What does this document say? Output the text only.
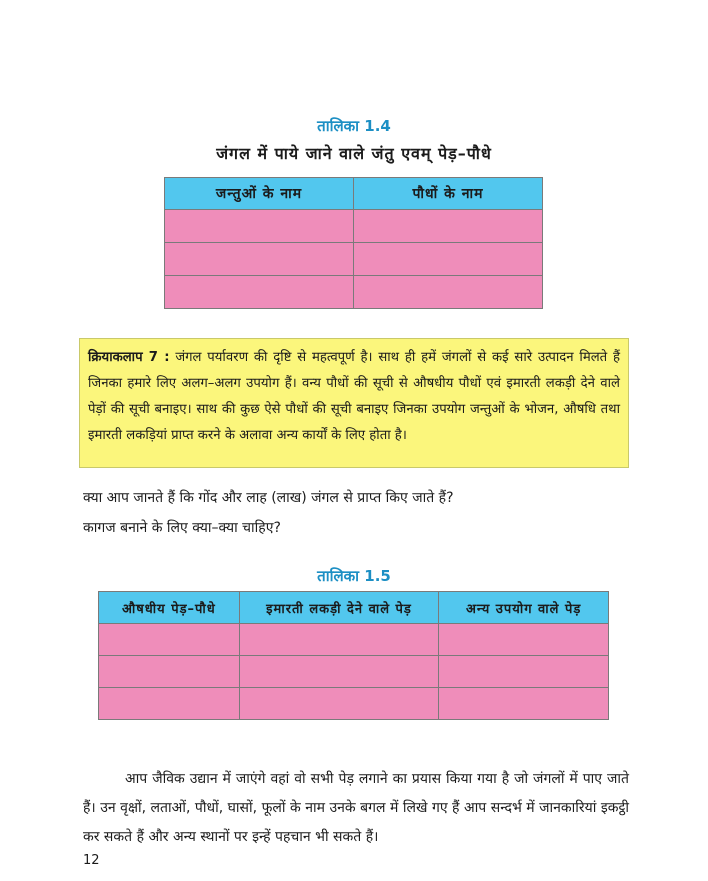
तालिका 1.4
जंगल में पाये जाने वाले जंतु एवम् पेड़–पौधे
जन्तुओं के नाम	पौधों के नाम

क्रियाकलाप 7 : जंगल पर्यावरण की दृष्टि से महत्वपूर्ण है। साथ ही हमें जंगलों से कई सारे उत्पादन मिलते हैं जिनका हमारे लिए अलग–अलग उपयोग हैं। वन्य पौधों की सूची से औषधीय पौधों एवं इमारती लकड़ी देने वाले पेड़ों की सूची बनाइए। साथ की कुछ ऐसे पौधों की सूची बनाइए जिनका उपयोग जन्तुओं के भोजन, औषधि तथा इमारती लकड़ियां प्राप्त करने के अलावा अन्य कार्यों के लिए होता है।
क्या आप जानते हैं कि गोंद और लाह (लाख) जंगल से प्राप्त किए जाते हैं?
कागज बनाने के लिए क्या–क्या चाहिए?
तालिका 1.5
औषधीय पेड़–पौधे	इमारती लकड़ी देने वाले पेड़	अन्य उपयोग वाले पेड़

आप जैविक उद्यान में जाएंगे वहां वो सभी पेड़ लगाने का प्रयास किया गया है जो जंगलों में पाए जाते हैं। उन वृक्षों, लताओं, पौधों, घासों, फूलों के नाम उनके बगल में लिखे गए हैं आप सन्दर्भ में जानकारियां इकट्ठी कर सकते हैं और अन्य स्थानों पर इन्हें पहचान भी सकते हैं।
12
